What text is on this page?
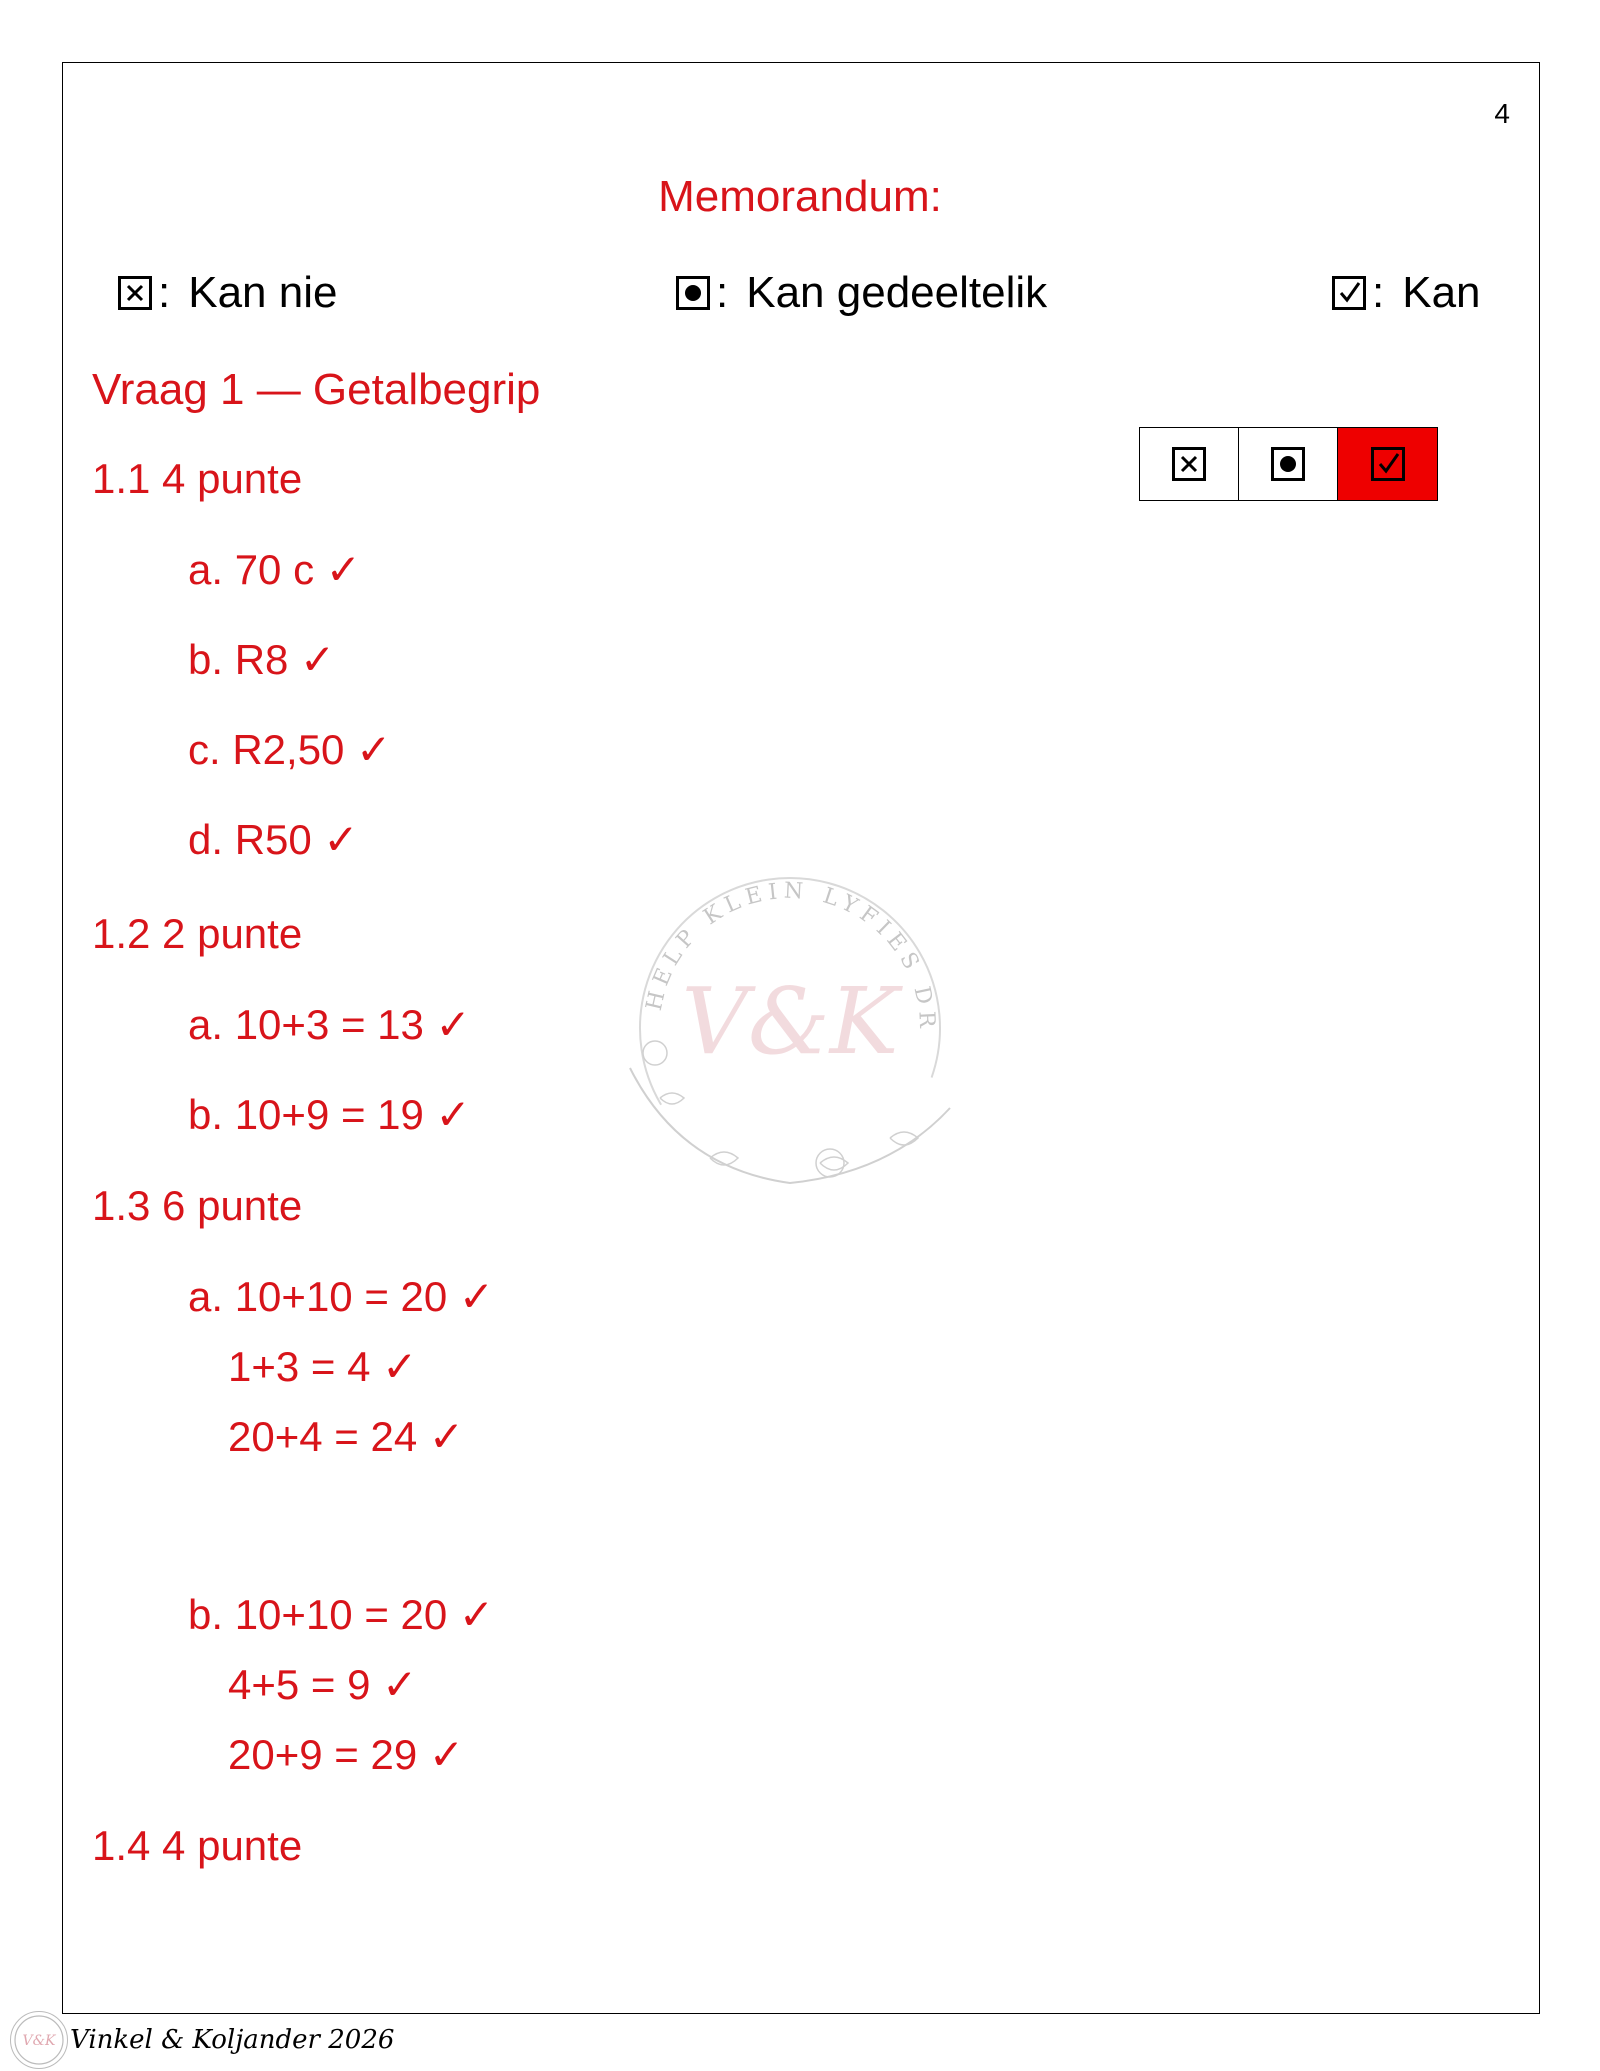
4
Memorandum:
: Kan nie	: Kan gedeeltelik	: Kan
Vraag 1 — Getalbegrip
1.1 4 punte
a. 70 c ✓
b. R8 ✓
c. R2,50 ✓
d. R50 ✓
1.2 2 punte
a. 10+3 = 13 ✓
b. 10+9 = 19 ✓
1.3 6 punte
a. 10+10 = 20 ✓
1+3 = 4 ✓
20+4 = 24 ✓
b. 10+10 = 20 ✓
4+5 = 9 ✓
20+9 = 29 ✓
1.4 4 punte
HELP KLEIN LYFIES DR
V&K
V&K Vinkel & Koljander 2026
